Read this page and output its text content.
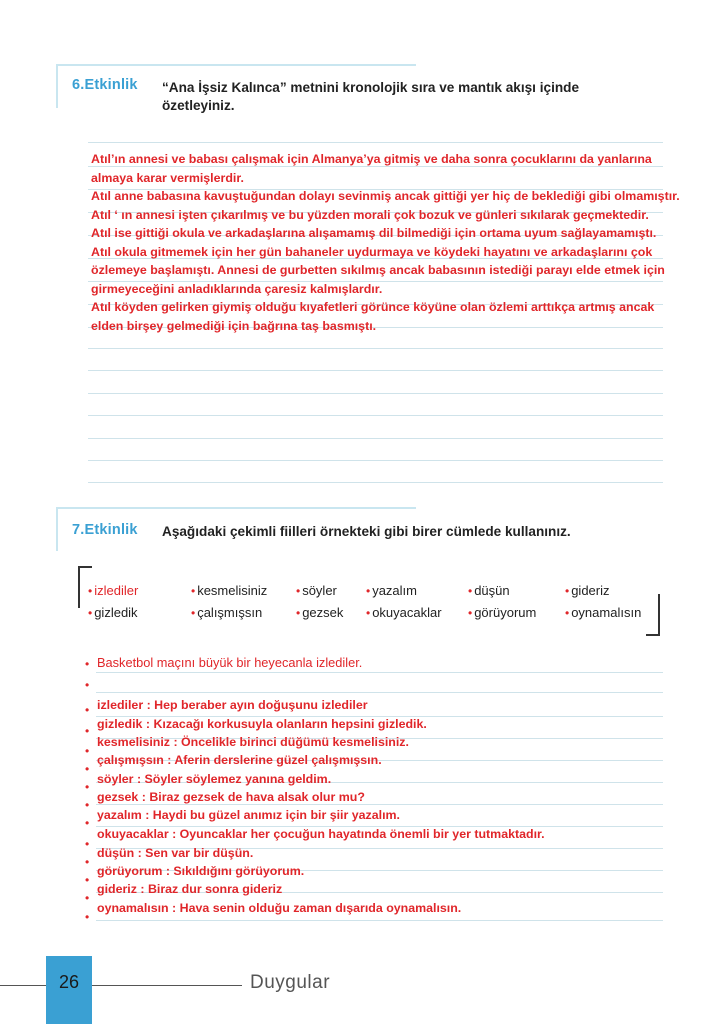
6.Etkinlik “Ana İşsiz Kalınca” metnini kronolojik sıra ve mantık akışı içinde
özetleyiniz.

Atıl’ın annesi ve babası çalışmak için Almanya’ya gitmiş ve daha sonra çocuklarını da yanlarına

almaya karar vermişlerdir.

Atıl anne babasına kavuştuğundan dolayı sevinmiş ancak gittiği yer hiç de beklediği gibi olmamıştır.

Atıl ‘ ın annesi işten çıkarılmış ve bu yüzden morali çok bozuk ve günleri sıkılarak geçmektedir.

Atıl ise gittiği okula ve arkadaşlarına alışamamış dil bilmediği için ortama uyum sağlayamamıştı.

Atıl okula gitmemek için her gün bahaneler uydurmaya ve köydeki hayatını ve arkadaşlarını çok

özlemeye başlamıştı. Annesi de gurbetten sıkılmış ancak babasının istediği parayı elde etmek için

girmeyeceğini anladıklarında çaresiz kalmışlardır.

Atıl köyden gelirken giymiş olduğu kıyafetleri görünce köyüne olan özlemi arttıkça artmış ancak

elden birşey gelmediği için bağrına taş basmıştı.

7.Etkinlik Aşağıdaki çekimli fiilleri örnekteki gibi birer cümlede kullanınız.
• izlediler	• kesmelisiniz • söyler • yazalım	• düşün	• gideriz
• gizledik	• çalışmışsın	• gezsek • okuyacaklar • görüyorum • oynamalısın
• Basketbol maçını büyük bir heyecanla izlediler.
•
• izlediler : Hep beraber ayın doğuşunu izlediler
• gizledik : Kızacağı korkusuyla olanların hepsini gizledik.
•
kesmelisiniz : Öncelikle birinci düğümü kesmelisiniz.
•
çalışmışsın : Aferin derslerine güzel çalışmışsın.
•
söyler : Söyler söylemez yanına geldim.
•
gezsek : Biraz gezsek de hava alsak olur mu?
•
yazalım : Haydi bu güzel anımız için bir şiir yazalım.
•
okuyacaklar : Oyuncaklar her çocuğun hayatında önemli bir yer tutmaktadır.
•
düşün : Sen var bir düşün.
•
görüyorum : Sıkıldığını görüyorum.
•
gideriz : Biraz dur sonra gideriz
•
oynamalısın : Hava senin olduğu zaman dışarıda oynamalısın.
26	Duygular
